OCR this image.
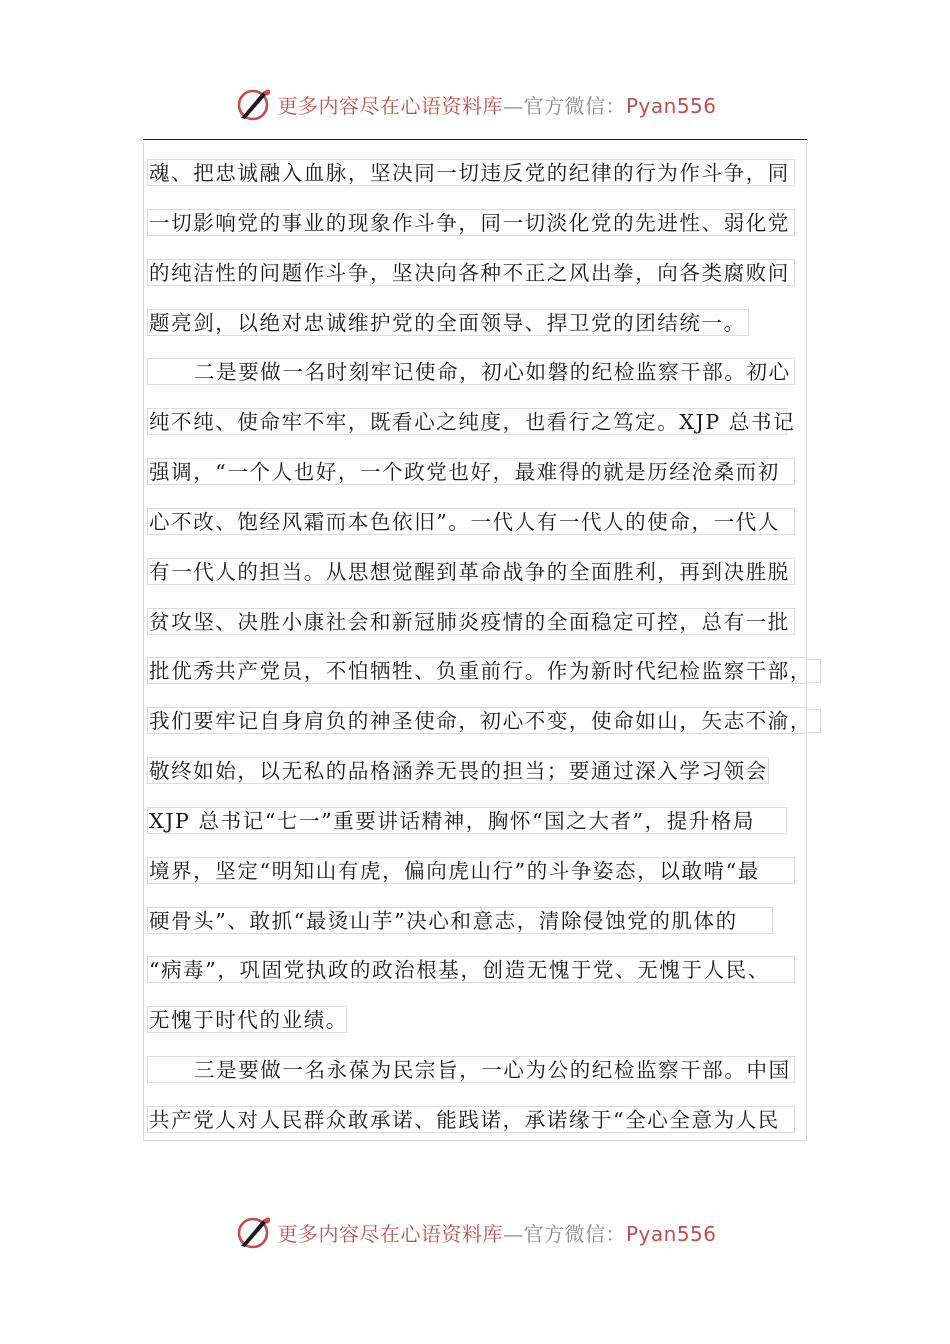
更多内容尽在心语资料库—官方微信：Pyan556
魂、把忠诚融入血脉，坚决同一切违反党的纪律的行为作斗争，同
一切影响党的事业的现象作斗争，同一切淡化党的先进性、弱化党
的纯洁性的问题作斗争，坚决向各种不正之风出拳，向各类腐败问
题亮剑，以绝对忠诚维护党的全面领导、捍卫党的团结统一。
二是要做一名时刻牢记使命，初心如磐的纪检监察干部。初心
纯不纯、使命牢不牢，既看心之纯度，也看行之笃定。XJP 总书记
强调，“一个人也好，一个政党也好，最难得的就是历经沧桑而初
心不改、饱经风霜而本色依旧”。一代人有一代人的使命，一代人
有一代人的担当。从思想觉醒到革命战争的全面胜利，再到决胜脱
贫攻坚、决胜小康社会和新冠肺炎疫情的全面稳定可控，总有一批
批优秀共产党员，不怕牺牲、负重前行。作为新时代纪检监察干部，
我们要牢记自身肩负的神圣使命，初心不变，使命如山，矢志不渝，
敬终如始，以无私的品格涵养无畏的担当；要通过深入学习领会
XJP 总书记“七一”重要讲话精神，胸怀“国之大者”，提升格局
境界，坚定“明知山有虎，偏向虎山行”的斗争姿态，以敢啃“最
硬骨头”、敢抓“最烫山芋”决心和意志，清除侵蚀党的肌体的
“病毒”，巩固党执政的政治根基，创造无愧于党、无愧于人民、
无愧于时代的业绩。
三是要做一名永葆为民宗旨，一心为公的纪检监察干部。中国
共产党人对人民群众敢承诺、能践诺，承诺缘于“全心全意为人民
更多内容尽在心语资料库—官方微信：Pyan556
